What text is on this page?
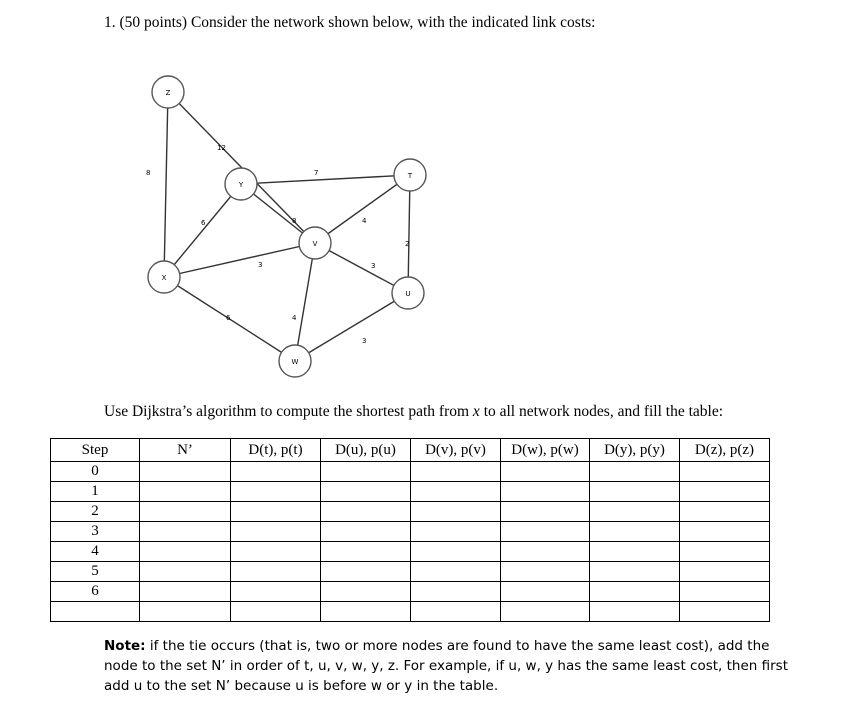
1. (50 points) Consider the network shown below, with the indicated link costs:
8
12
7
6	8	4
2
3
3
6	4
3
Z
Y
T
V
X
U
W
Use Dijkstra’s algorithm to compute the shortest path from x to all network nodes, and fill the table:
Step	N’	D(t), p(t)	D(u), p(u)	D(v), p(v)	D(w), p(w)	D(y), p(y)	D(z), p(z)
0							
1							
2							
3							
4							
5							
6							

Note: if the tie occurs (that is, two or more nodes are found to have the same least cost), add the node to the set N’ in order of t, u, v, w, y, z. For example, if u, w, y has the same least cost, then first add u to the set N’ because u is before w or y in the table.
